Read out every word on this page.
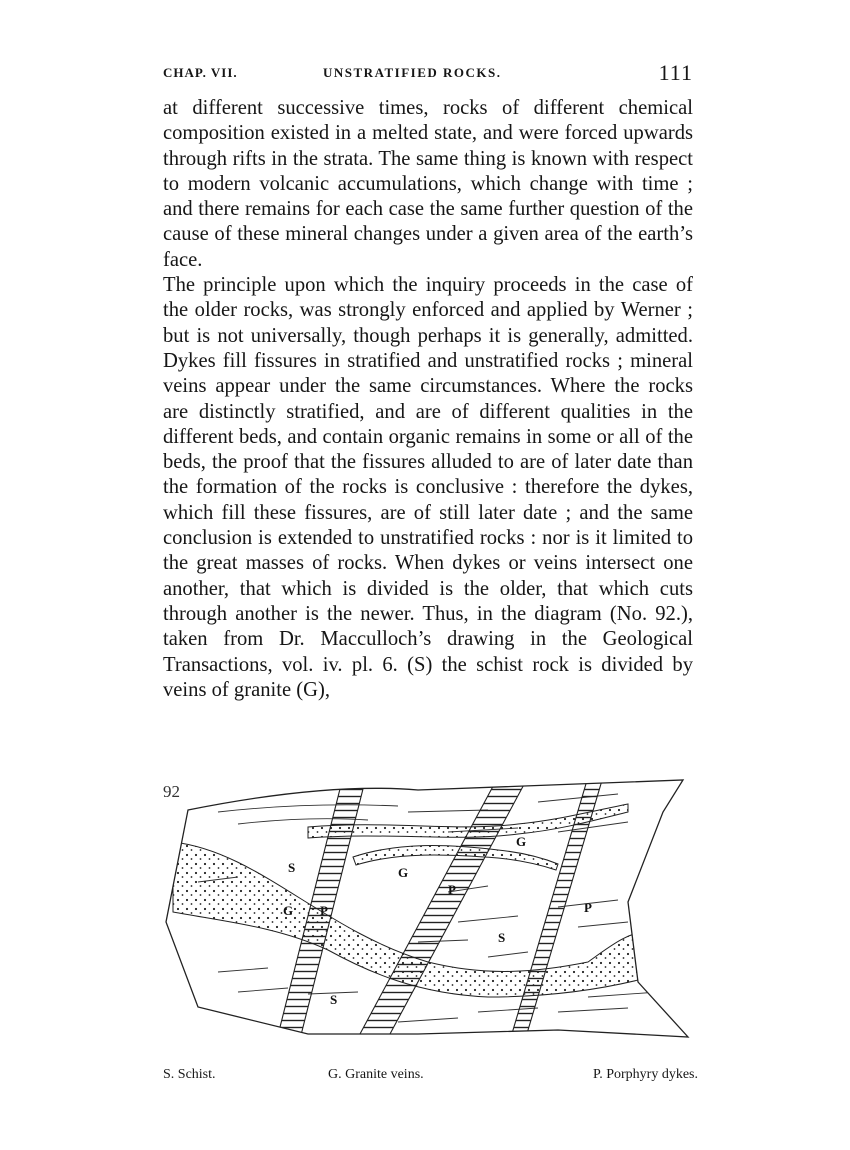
CHAP. VII.	UNSTRATIFIED ROCKS.	111

at different successive times, rocks of different chemical composition existed in a melted state, and were forced upwards through rifts in the strata. The same thing is known with respect to modern volcanic accumulations, which change with time ; and there remains for each case the same further question of the cause of these mineral changes under a given area of the earth’s face.

The principle upon which the inquiry proceeds in the case of the older rocks, was strongly enforced and applied by Werner ; but is not universally, though perhaps it is generally, admitted. Dykes fill fissures in stratified and unstratified rocks ; mineral veins appear under the same circumstances. Where the rocks are distinctly stratified, and are of different qualities in the different beds, and contain organic remains in some or all of the beds, the proof that the fissures alluded to are of later date than the formation of the rocks is conclusive : therefore the dykes, which fill these fissures, are of still later date ; and the same conclusion is extended to unstratified rocks : nor is it limited to the great masses of rocks. When dykes or veins intersect one another, that which is divided is the older, that which cuts through another is the newer. Thus, in the diagram (No. 92.), taken from Dr. Macculloch’s drawing in the Geological Transactions, vol. iv. pl. 6. (S) the schist rock is divided by veins of granite (G),

92
S
S
S
G
G
G
P
P
P
S. Schist.	G. Granite veins.	P. Porphyry dykes.
